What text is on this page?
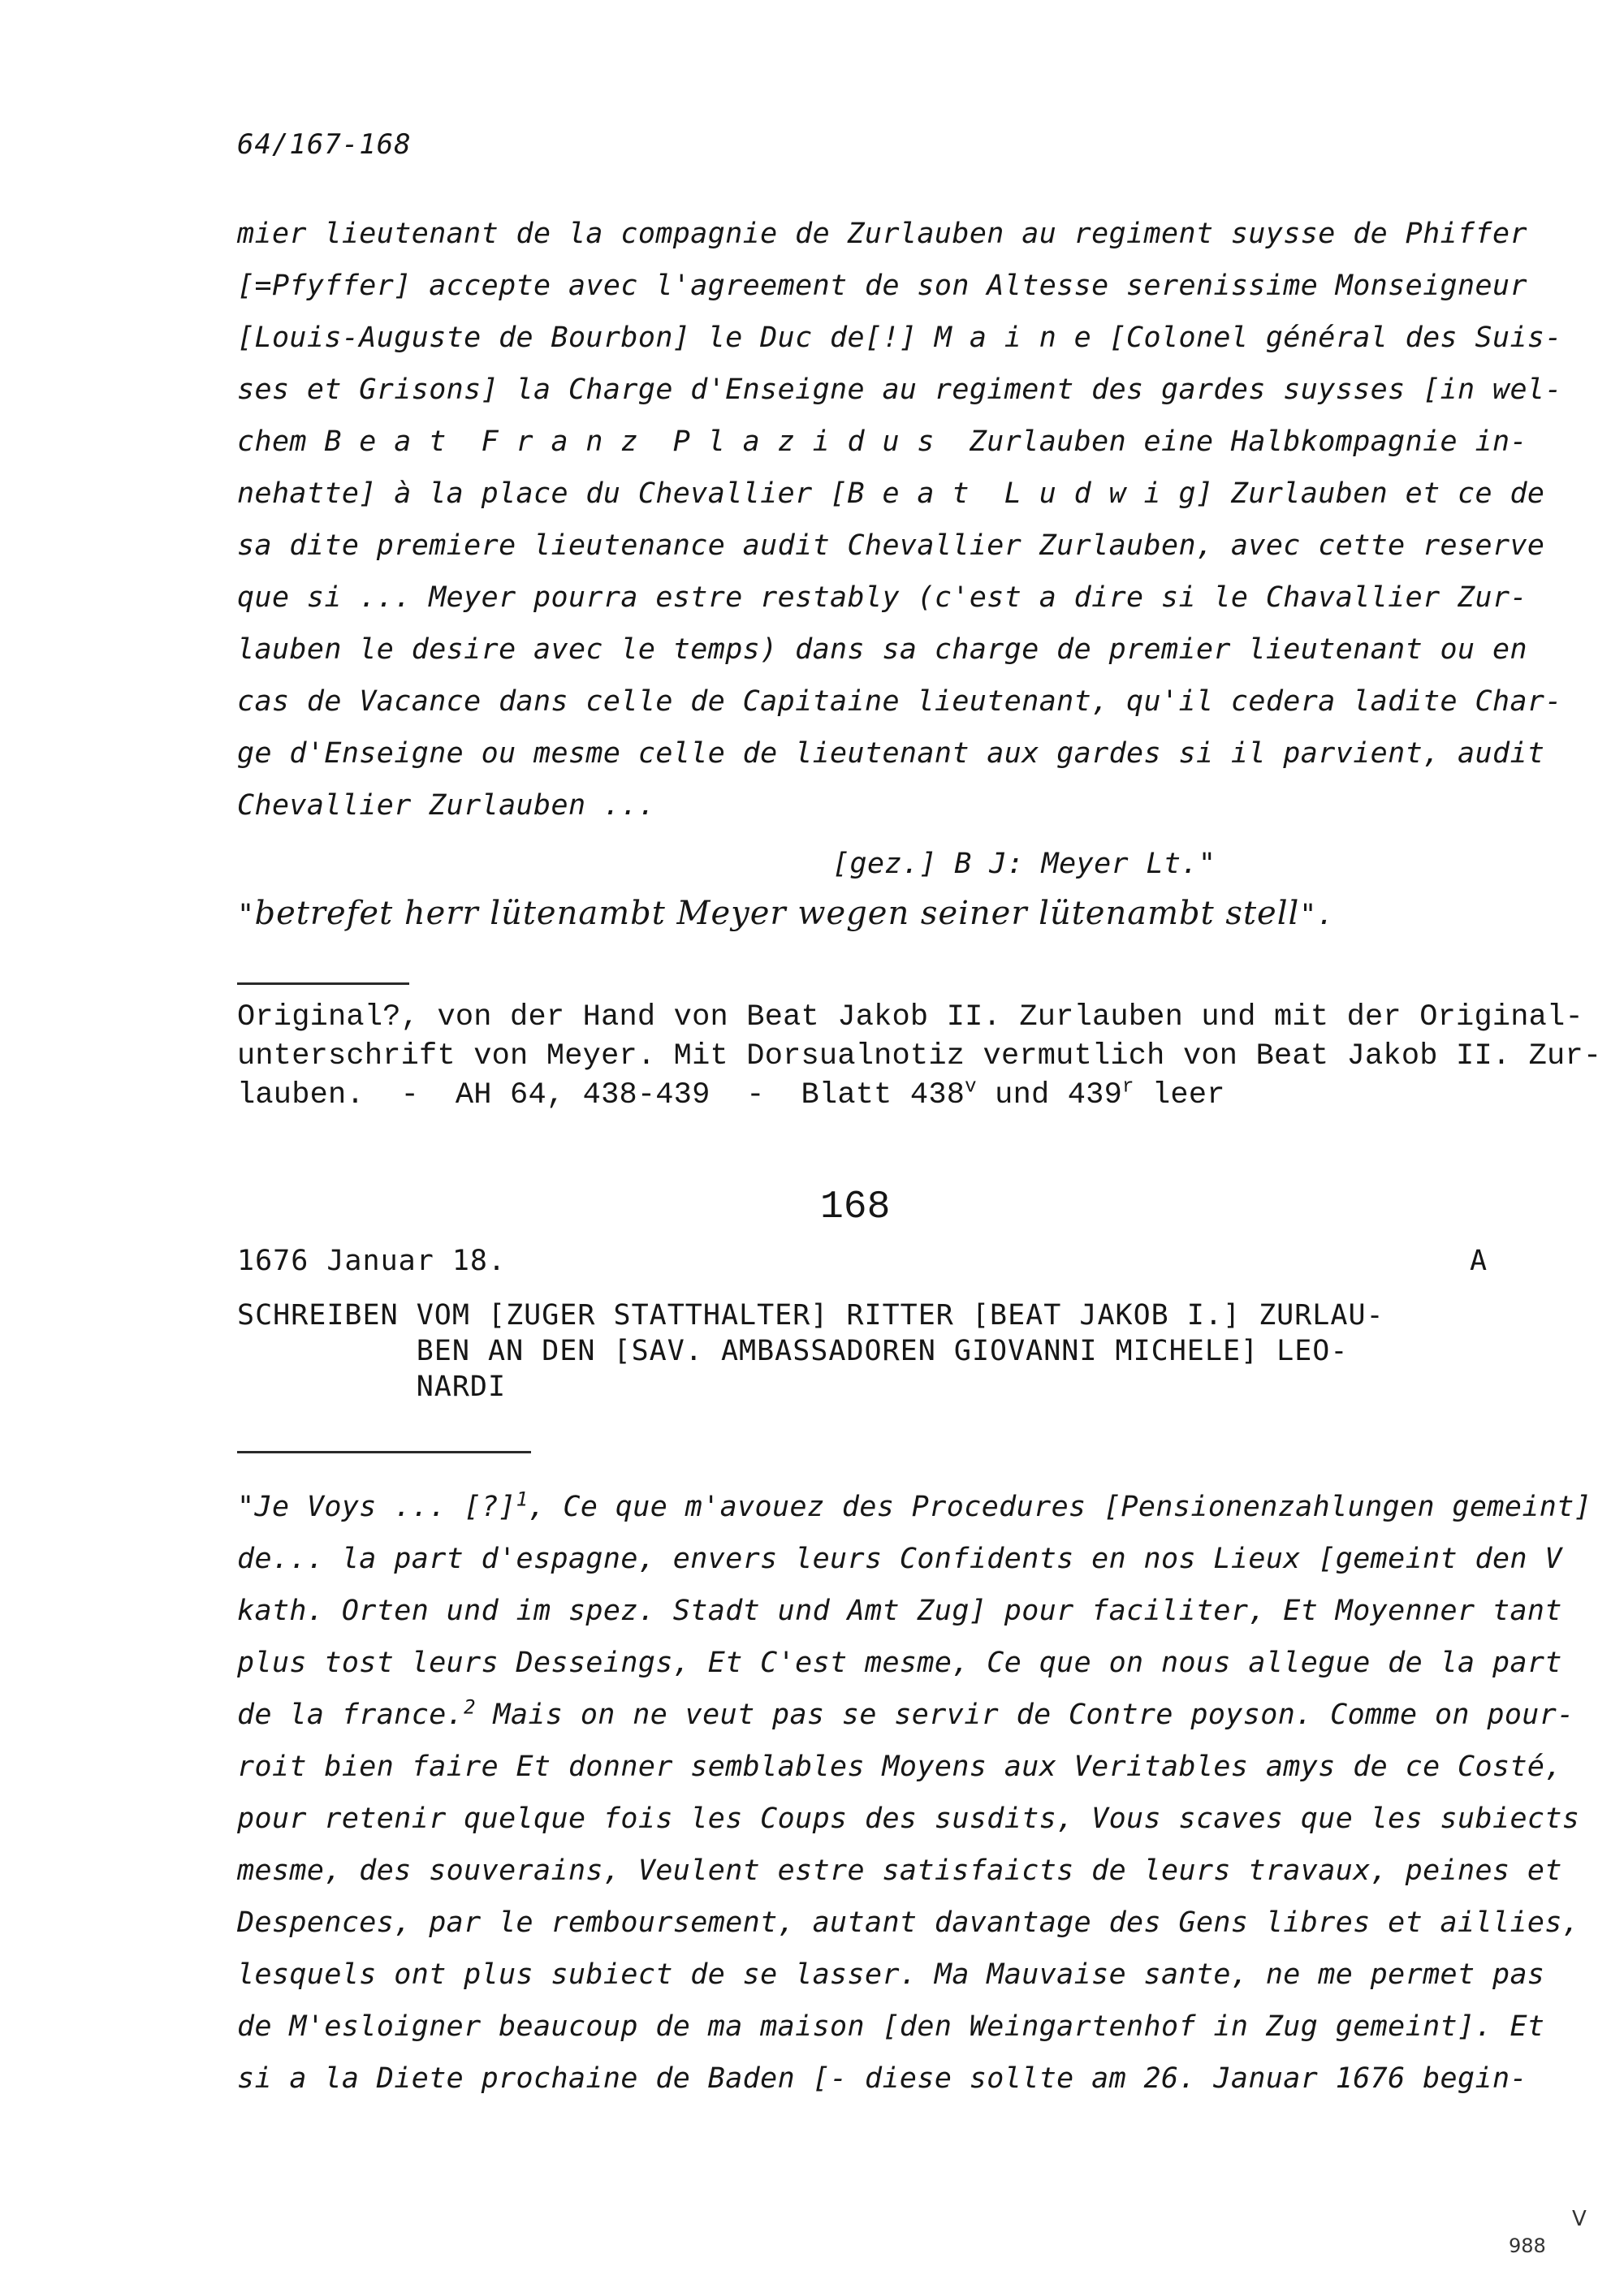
64/167-168
mier lieutenant de la compagnie de Zurlauben au regiment suysse de Phiffer
[=Pfyffer] accepte avec l'agreement de son Altesse serenissime Monseigneur
[Louis-Auguste de Bourbon] le Duc de[!] M a i n e [Colonel général des Suis-
ses et Grisons] la Charge d'Enseigne au regiment des gardes suysses [in wel-
chem B e a t  F r a n z  P l a z i d u s  Zurlauben eine Halbkompagnie in-
nehatte] à la place du Chevallier [B e a t  L u d w i g] Zurlauben et ce de
sa dite premiere lieutenance audit Chevallier Zurlauben, avec cette reserve
que si ... Meyer pourra estre restably (c'est a dire si le Chavallier Zur-
lauben le desire avec le temps) dans sa charge de premier lieutenant ou en
cas de Vacance dans celle de Capitaine lieutenant, qu'il cedera ladite Char-
ge d'Enseigne ou mesme celle de lieutenant aux gardes si il parvient, audit
Chevallier Zurlauben ...
[gez.] B J: Meyer Lt."
"betrefet herr lütenambt Meyer wegen seiner lütenambt stell".
Original?, von der Hand von Beat Jakob II. Zurlauben und mit der Original-
unterschrift von Meyer. Mit Dorsualnotiz vermutlich von Beat Jakob II. Zur-
lauben.  -  AH 64, 438-439  -  Blatt 438$^v$ und 439$^r$ leer
168
1676 Januar 18.	A
SCHREIBEN VOM [ZUGER STATTHALTER] RITTER [BEAT JAKOB I.] ZURLAU-
BEN AN DEN [SAV. AMBASSADOREN GIOVANNI MICHELE] LEO-
NARDI
"Je Voys ... [?]$^1$, Ce que m'avouez des Procedures [Pensionenzahlungen gemeint]
de... la part d'espagne, envers leurs Confidents en nos Lieux [gemeint den V
kath. Orten und im spez. Stadt und Amt Zug] pour faciliter, Et Moyenner tant
plus tost leurs Desseings, Et C'est mesme, Ce que on nous allegue de la part
de la france.$^2$ Mais on ne veut pas se servir de Contre poyson. Comme on pour-
roit bien faire Et donner semblables Moyens aux Veritables amys de ce Costé,
pour retenir quelque fois les Coups des susdits, Vous scaves que les subiects
mesme, des souverains, Veulent estre satisfaicts de leurs travaux, peines et
Despences, par le remboursement, autant davantage des Gens libres et aillies,
lesquels ont plus subiect de se lasser. Ma Mauvaise sante, ne me permet pas
de M'esloigner beaucoup de ma maison [den Weingartenhof in Zug gemeint]. Et
si a la Diete prochaine de Baden [- diese sollte am 26. Januar 1676 begin-
V
988
